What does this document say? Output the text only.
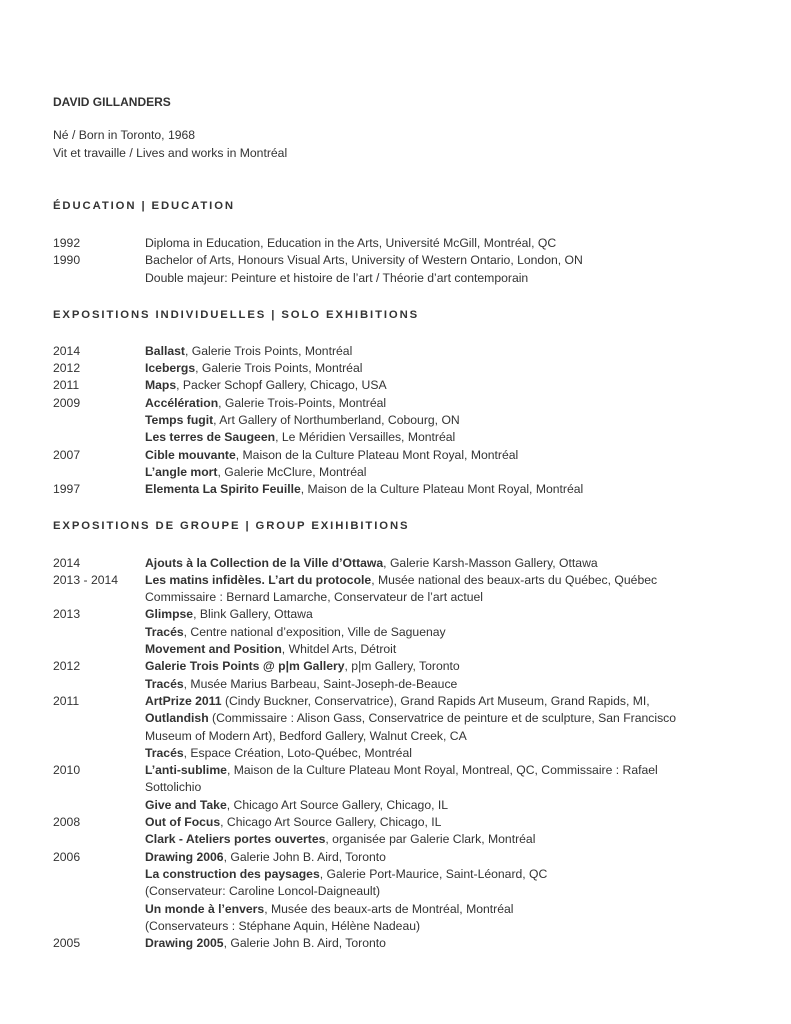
DAVID GILLANDERS
Né / Born in Toronto, 1968
Vit et travaille / Lives and works in Montréal
ÉDUCATION | EDUCATION
1992	Diploma in Education, Education in the Arts, Université McGill, Montréal, QC
1990	Bachelor of Arts, Honours Visual Arts, University of Western Ontario, London, ON
Double majeur: Peinture et histoire de l’art / Théorie d’art contemporain
EXPOSITIONS INDIVIDUELLES | SOLO EXHIBITIONS
2014	Ballast, Galerie Trois Points, Montréal
2012	Icebergs, Galerie Trois Points, Montréal
2011	Maps, Packer Schopf Gallery, Chicago, USA
2009	Accélération, Galerie Trois-Points, Montréal
Temps fugit, Art Gallery of Northumberland, Cobourg, ON
Les terres de Saugeen, Le Méridien Versailles, Montréal
2007	Cible mouvante, Maison de la Culture Plateau Mont Royal, Montréal
L’angle mort, Galerie McClure, Montréal
1997	Elementa La Spirito Feuille, Maison de la Culture Plateau Mont Royal, Montréal
EXPOSITIONS DE GROUPE | GROUP EXIHIBITIONS
2014	Ajouts à la Collection de la Ville d’Ottawa, Galerie Karsh-Masson Gallery, Ottawa
2013 - 2014	Les matins infidèles. L’art du protocole, Musée national des beaux-arts du Québec, Québec
Commissaire : Bernard Lamarche, Conservateur de l’art actuel
2013	Glimpse, Blink Gallery, Ottawa
Tracés, Centre national d’exposition, Ville de Saguenay
Movement and Position, Whitdel Arts, Détroit
2012	Galerie Trois Points @ p|m Gallery, p|m Gallery, Toronto
Tracés, Musée Marius Barbeau, Saint-Joseph-de-Beauce
2011	ArtPrize 2011 (Cindy Buckner, Conservatrice), Grand Rapids Art Museum, Grand Rapids, MI,
Outlandish (Commissaire : Alison Gass, Conservatrice de peinture et de sculpture, San Francisco
Museum of Modern Art), Bedford Gallery, Walnut Creek, CA
Tracés, Espace Création, Loto-Québec, Montréal
2010	L’anti-sublime, Maison de la Culture Plateau Mont Royal, Montreal, QC, Commissaire : Rafael
Sottolichio
Give and Take, Chicago Art Source Gallery, Chicago, IL
2008	Out of Focus, Chicago Art Source Gallery, Chicago, IL
Clark - Ateliers portes ouvertes, organisée par Galerie Clark, Montréal
2006	Drawing 2006, Galerie John B. Aird, Toronto
La construction des paysages, Galerie Port-Maurice, Saint-Léonard, QC
(Conservateur: Caroline Loncol-Daigneault)
Un monde à l’envers, Musée des beaux-arts de Montréal, Montréal
(Conservateurs : Stéphane Aquin, Hélène Nadeau)
2005	Drawing 2005, Galerie John B. Aird, Toronto
